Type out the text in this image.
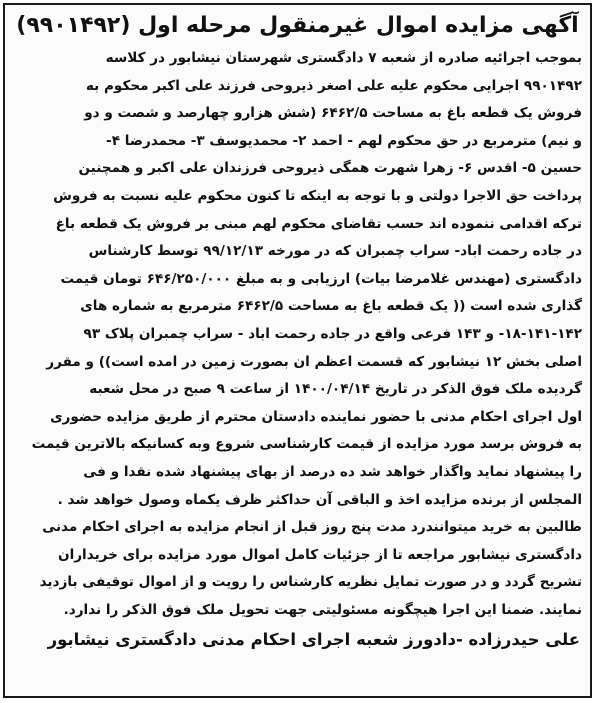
آگهی مزایده اموال غیرمنقول مرحله اول (۹۹۰۱۴۹۲)
بموجب اجرائیه صادره از شعبه ۷ دادگستری شهرستان نیشابور در کلاسه
۹۹۰۱۴۹۲ اجرایی محکوم علیه علی اصغر ذیروحی فرزند علی اکبر محکوم به
فروش یک قطعه باغ به مساحت ۶۴۶۲/۵ (شش هزارو چهارصد و شصت و دو
و نیم) مترمربع در حق محکوم لهم - احمد ۲- محمدیوسف ۳- محمدرضا ۴-
حسین ۵- اقدس ۶- زهرا شهرت همگی ذیروحی فرزندان علی اکبر و همچنین
پرداخت حق الاجرا دولتی و با توجه به اینکه تا کنون محکوم علیه نسبت به فروش
ترکه اقدامی ننموده اند حسب تقاضای محکوم لهم مبنی بر فروش یک قطعه باغ
در جاده رحمت اباد- سراب چمبران که در مورخه ۹۹/۱۲/۱۳ توسط کارشناس
دادگستری (مهندس غلامرضا بیات) ارزیابی و به مبلغ ۶۴۶/۲۵۰/۰۰۰ تومان قیمت
گذاری شده است (( یک قطعه باغ به مساحت ۶۴۶۲/۵ مترمربع به شماره های
۱۸-۱۴۱-۱۴۲- و ۱۴۳ فرعی واقع در جاده رحمت اباد - سراب چمبران پلاک ۹۳
اصلی بخش ۱۲ نیشابور که قسمت اعظم ان بصورت زمین در امده است)) و مقرر
گردیده ملک فوق الذکر در تاریخ ۱۴۰۰/۰۴/۱۴ از ساعت ۹ صبح در محل شعبه
اول اجرای احکام مدنی با حضور نماینده دادستان محترم از طریق مزایده حضوری
به فروش برسد مورد مزایده از قیمت کارشناسی شروع وبه کسانیکه بالاترین قیمت
را پیشنهاد نماید واگذار خواهد شد ده درصد از بهای پیشنهاد شده نقدا و فی
المجلس از برنده مزایده اخذ و الباقی آن حداکثر ظرف یکماه وصول خواهد شد .
طالبین به خرید میتوانندرد مدت پنج روز قبل از انجام مزایده به اجرای احکام مدنی
دادگستری نیشابور مراجعه تا از جزئیات کامل اموال مورد مزایده برای خریداران
تشریح گردد و در صورت تمایل نظریه کارشناس را رویت و از اموال توقیفی بازدید
نمایند. ضمنا این اجرا هیچگونه مسئولیتی جهت تحویل ملک فوق الذکر را ندارد.
علی حیدرزاده -دادورز شعبه اجرای احکام مدنی دادگستری نیشابور
